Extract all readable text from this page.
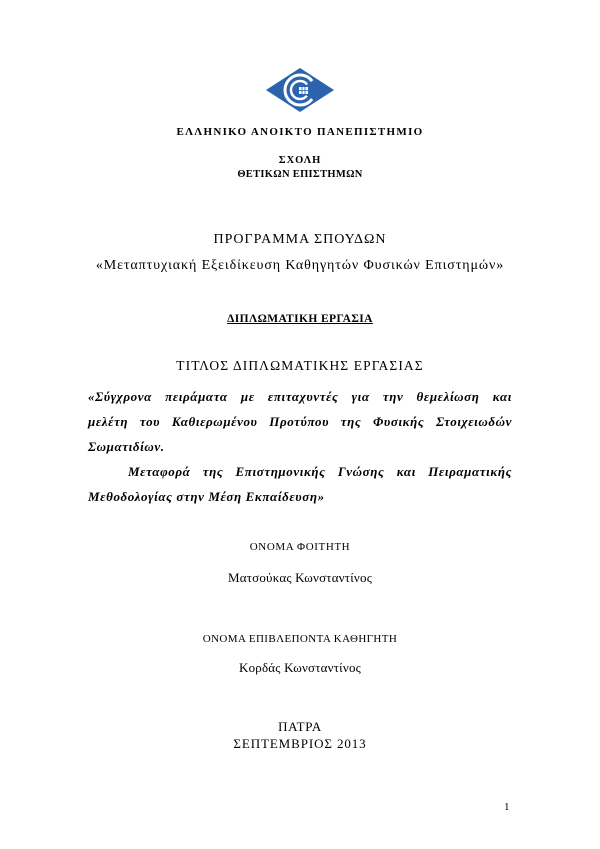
ΕΛΛΗΝΙΚΟ ΑΝΟΙΚΤΟ ΠΑΝΕΠΙΣΤΗΜΙΟ
ΣΧΟΛΗ
ΘΕΤΙΚΩΝ ΕΠΙΣΤΗΜΩΝ
ΠΡΟΓΡΑΜΜΑ ΣΠΟΥΔΩΝ
«Μεταπτυχιακή Εξειδίκευση Καθηγητών Φυσικών Επιστημών»
ΔΙΠΛΩΜΑΤΙΚΗ ΕΡΓΑΣΙΑ
ΤΙΤΛΟΣ ΔΙΠΛΩΜΑΤΙΚΗΣ ΕΡΓΑΣΙΑΣ
«Σύγχρονα πειράματα με επιταχυντές για την θεμελίωση και
μελέτη του Καθιερωμένου Προτύπου της Φυσικής Στοιχειωδών
Σωματιδίων.
Μεταφορά της Επιστημονικής Γνώσης και Πειραματικής
Μεθοδολογίας στην Μέση Εκπαίδευση»
ΟΝΟΜΑ ΦΟΙΤΗΤΗ
Ματσούκας Κωνσταντίνος
ΟΝΟΜΑ ΕΠΙΒΛΕΠΟΝΤΑ ΚΑΘΗΓΗΤΗ
Κορδάς Κωνσταντίνος
ΠΑΤΡΑ
ΣΕΠΤΕΜΒΡΙΟΣ 2013
1
